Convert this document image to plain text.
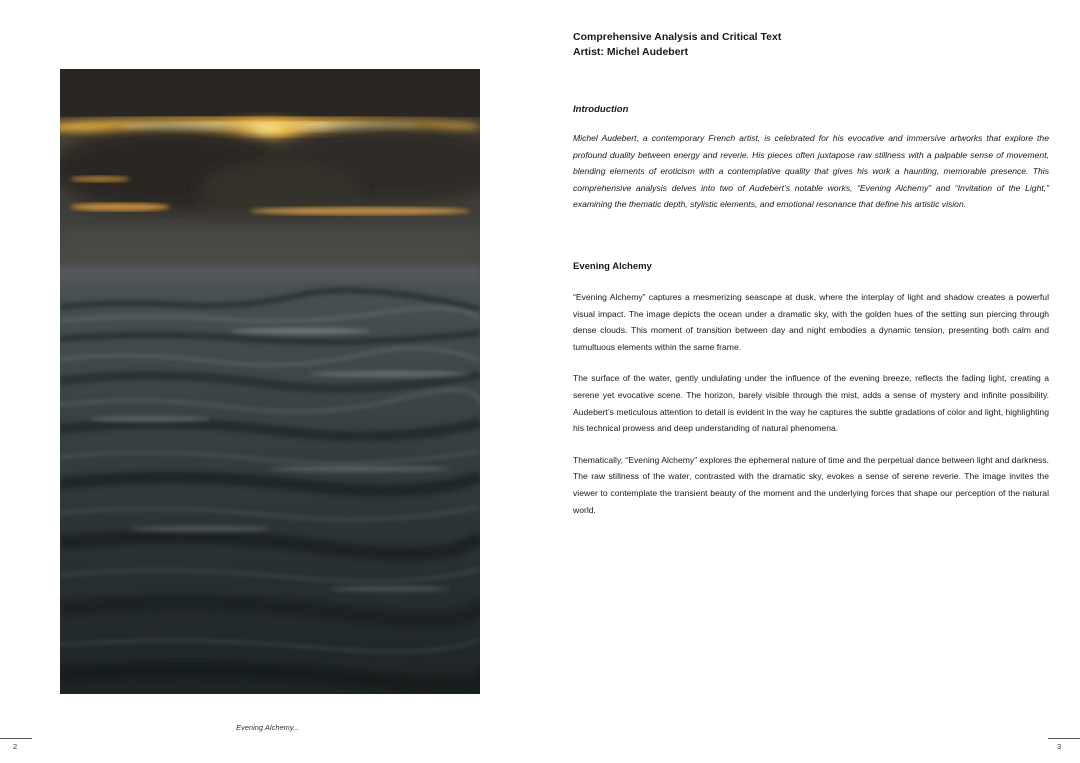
Evening Alchemy...
2

Comprehensive Analysis and Critical Text

Artist: Michel Audebert

Introduction
Michel Audebert, a contemporary French artist, is celebrated for his evocative and immersive artworks that explore the profound duality between energy and reverie. His pieces often juxtapose raw stillness with a palpable sense of movement, blending elements of eroticism with a contemplative quality that gives his work a haunting, memorable presence. This comprehensive analysis delves into two of Audebert’s notable works, “Evening Alchemy” and “Invitation of the Light,” examining the thematic depth, stylistic elements, and emotional resonance that define his artistic vision.
Evening Alchemy

“Evening Alchemy” captures a mesmerizing seascape at dusk, where the interplay of light and shadow creates a powerful visual impact. The image depicts the ocean under a dramatic sky, with the golden hues of the setting sun piercing through dense clouds. This moment of transition between day and night embodies a dynamic tension, presenting both calm and tumultuous elements within the same frame.

The surface of the water, gently undulating under the influence of the evening breeze, reflects the fading light, creating a serene yet evocative scene. The horizon, barely visible through the mist, adds a sense of mystery and infinite possibility. Audebert’s meticulous attention to detail is evident in the way he captures the subtle gradations of color and light, highlighting his technical prowess and deep understanding of natural phenomena.

Thematically, “Evening Alchemy” explores the ephemeral nature of time and the perpetual dance between light and darkness. The raw stillness of the water, contrasted with the dramatic sky, evokes a sense of serene reverie. The image invites the viewer to contemplate the transient beauty of the moment and the underlying forces that shape our perception of the natural world.

3
